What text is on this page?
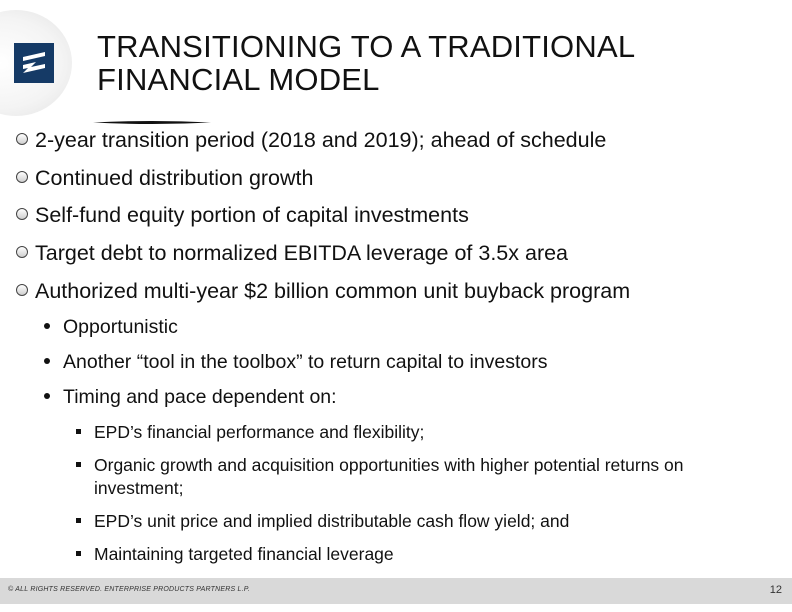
TRANSITIONING TO A TRADITIONAL
FINANCIAL MODEL
2-year transition period (2018 and 2019); ahead of schedule
Continued distribution growth
Self-fund equity portion of capital investments
Target debt to normalized EBITDA leverage of 3.5x area
Authorized multi-year $2 billion common unit buyback program
Opportunistic
Another “tool in the toolbox” to return capital to investors
Timing and pace dependent on:
EPD’s financial performance and flexibility;
Organic growth and acquisition opportunities with higher potential returns on investment;
EPD’s unit price and implied distributable cash flow yield; and
Maintaining targeted financial leverage
© ALL RIGHTS RESERVED. ENTERPRISE PRODUCTS PARTNERS L.P.	12
